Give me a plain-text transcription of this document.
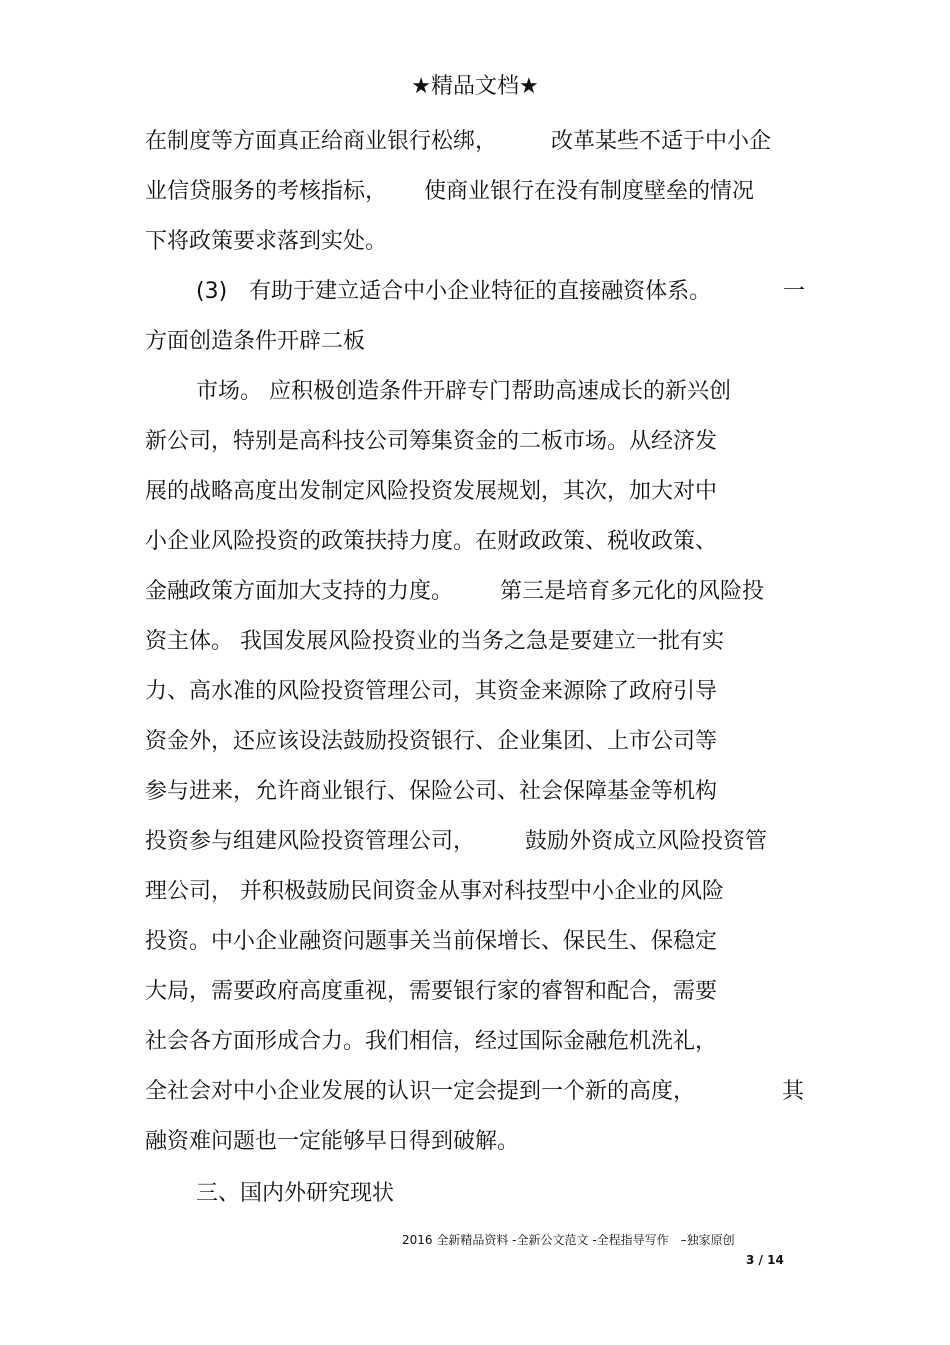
★精品文档★
在制度等方面真正给商业银行松绑， 改革某些不适于中小企
业信贷服务的考核指标， 使商业银行在没有制度壁垒的情况
下将政策要求落到实处。
(3)　有助于建立适合中小企业特征的直接融资体系。	一
方面创造条件开辟二板
市场。 应积极创造条件开辟专门帮助高速成长的新兴创
新公司，特别是高科技公司筹集资金的二板市场。从经济发
展的战略高度出发制定风险投资发展规划，其次，加大对中
小企业风险投资的政策扶持力度。在财政政策、税收政策、
金融政策方面加大支持的力度。 第三是培育多元化的风险投
资主体。 我国发展风险投资业的当务之急是要建立一批有实
力、高水准的风险投资管理公司，其资金来源除了政府引导
资金外，还应该设法鼓励投资银行、企业集团、上市公司等
参与进来，允许商业银行、保险公司、社会保障基金等机构
投资参与组建风险投资管理公司， 鼓励外资成立风险投资管
理公司， 并积极鼓励民间资金从事对科技型中小企业的风险
投资。中小企业融资问题事关当前保增长、保民生、保稳定
大局，需要政府高度重视，需要银行家的睿智和配合，需要
社会各方面形成合力。我们相信，经过国际金融危机洗礼，
全社会对中小企业发展的认识一定会提到一个新的高度，	其
融资难问题也一定能够早日得到破解。
三、国内外研究现状
2016 全新精品资料 -全新公文范文 -全程指导写作　–独家原创
3 / 14
